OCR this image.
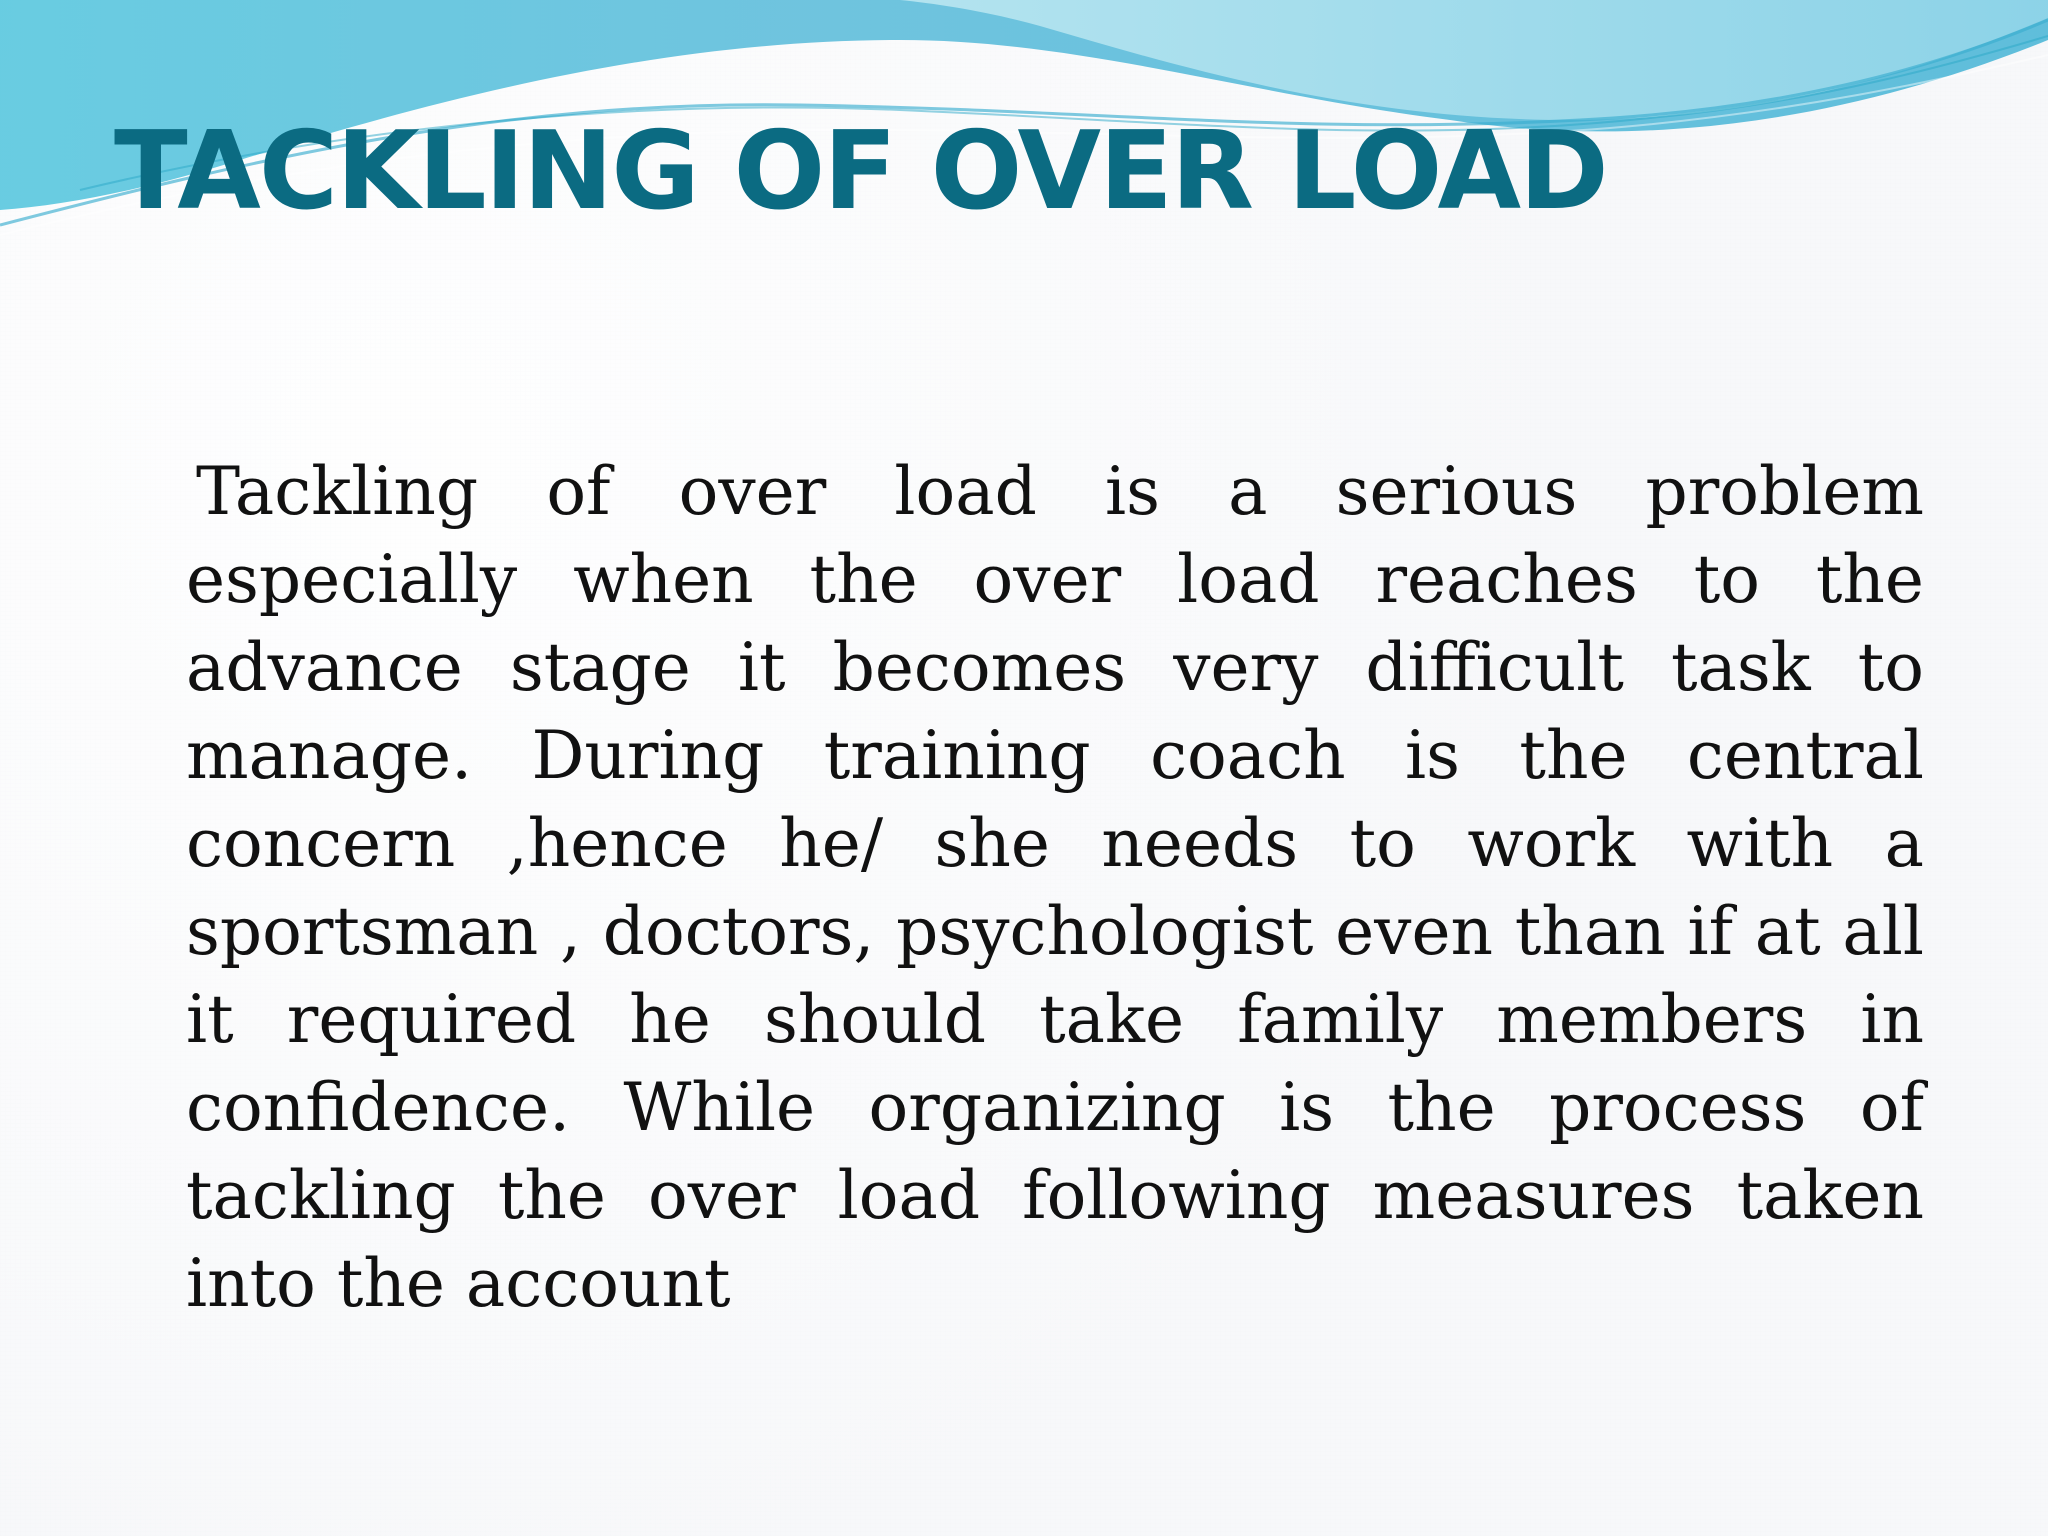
TACKLING OF OVER LOAD

Tackling of over load is a serious problem especially when the over load reaches to the advance stage it becomes very difficult task to manage. During training coach is the central concern ,hence he/ she needs to work with a sportsman , doctors, psychologist even than if at all it required he should take family members in confidence. While organizing is the process of tackling the over load following measures taken into the account
